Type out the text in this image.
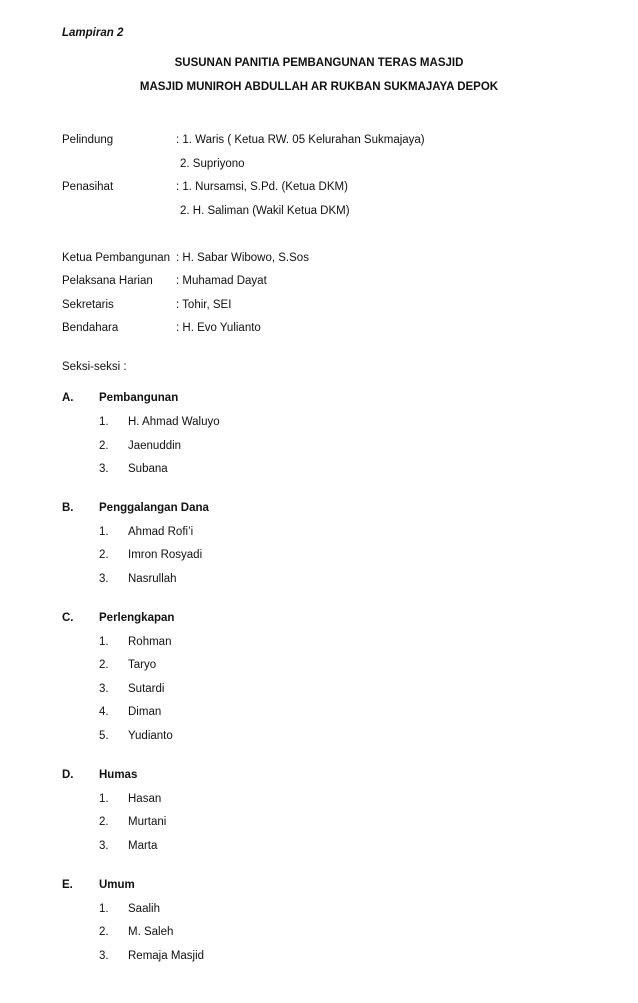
Lampiran 2
SUSUNAN PANITIA PEMBANGUNAN TERAS MASJID
MASJID MUNIROH ABDULLAH AR RUKBAN SUKMAJAYA DEPOK
Pelindung	: 1. Waris ( Ketua RW. 05 Kelurahan Sukmajaya)
2. Supriyono
Penasihat	: 1. Nursamsi, S.Pd. (Ketua DKM)
2. H. Saliman (Wakil Ketua DKM)
Ketua Pembangunan : H. Sabar Wibowo, S.Sos
Pelaksana Harian : Muhamad Dayat
Sekretaris	: Tohir, SEI
Bendahara	: H. Evo Yulianto
Seksi-seksi :
A. Pembangunan
1. H. Ahmad Waluyo
2. Jaenuddin
3. Subana
B. Penggalangan Dana
1. Ahmad Rofi’i
2. Imron Rosyadi
3. Nasrullah
C. Perlengkapan
1. Rohman
2. Taryo
3. Sutardi
4. Diman
5. Yudianto
D. Humas
1. Hasan
2. Murtani
3. Marta
E. Umum
1. Saalih
2. M. Saleh
3. Remaja Masjid
